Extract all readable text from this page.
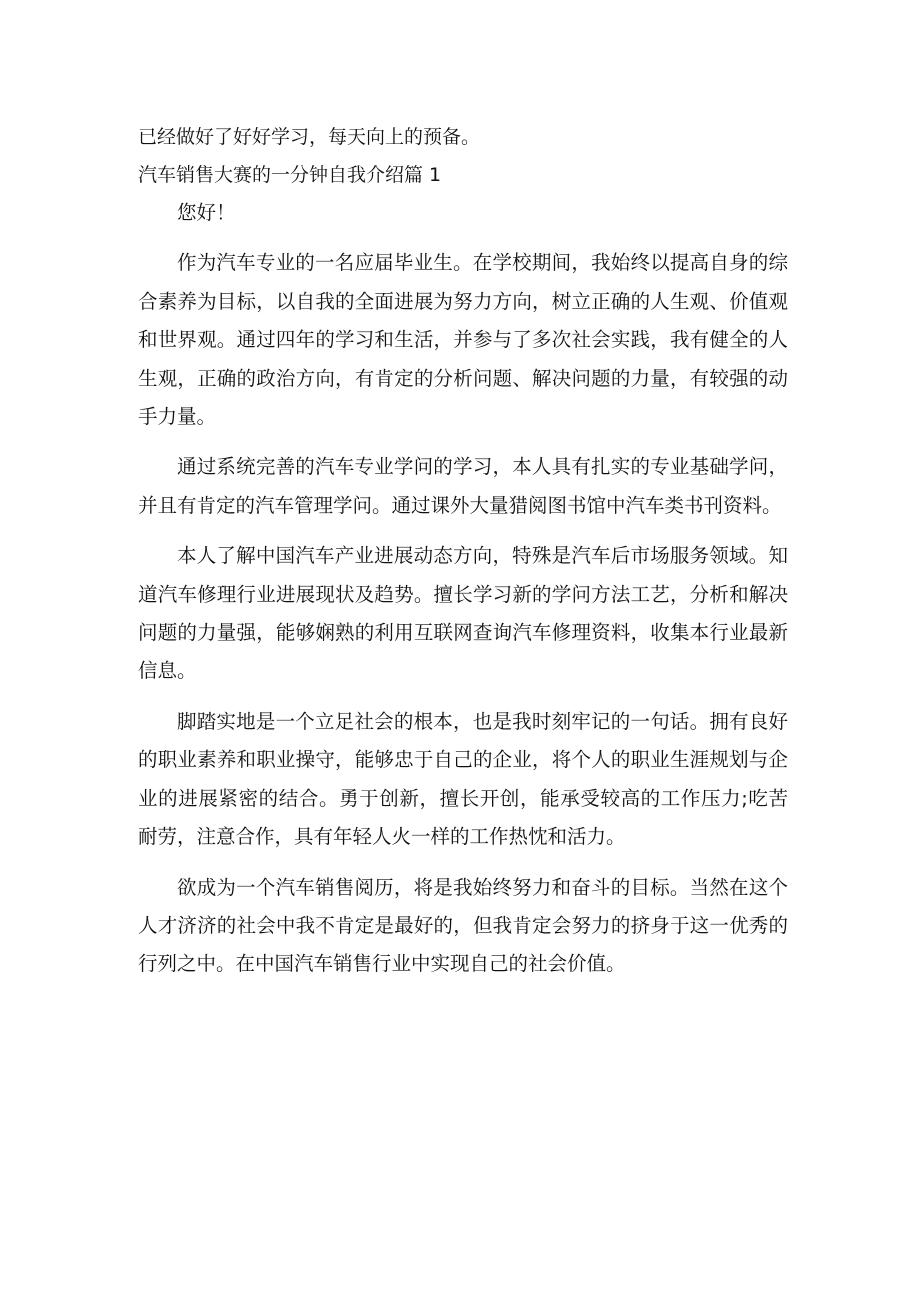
已经做好了好好学习，每天向上的预备。

汽车销售大赛的一分钟自我介绍篇 1

您好！

作为汽车专业的一名应届毕业生。在学校期间，我始终以提高自身的综合素养为目标，以自我的全面进展为努力方向，树立正确的人生观、价值观和世界观。通过四年的学习和生活，并参与了多次社会实践，我有健全的人生观，正确的政治方向，有肯定的分析问题、解决问题的力量，有较强的动手力量。

通过系统完善的汽车专业学问的学习，本人具有扎实的专业基础学问，并且有肯定的汽车管理学问。通过课外大量猎阅图书馆中汽车类书刊资料。

本人了解中国汽车产业进展动态方向，特殊是汽车后市场服务领域。知道汽车修理行业进展现状及趋势。擅长学习新的学问方法工艺，分析和解决问题的力量强，能够娴熟的利用互联网查询汽车修理资料，收集本行业最新信息。

脚踏实地是一个立足社会的根本，也是我时刻牢记的一句话。拥有良好的职业素养和职业操守，能够忠于自己的企业，将个人的职业生涯规划与企业的进展紧密的结合。勇于创新，擅长开创，能承受较高的工作压力;吃苦耐劳，注意合作，具有年轻人火一样的工作热忱和活力。

欲成为一个汽车销售阅历，将是我始终努力和奋斗的目标。当然在这个人才济济的社会中我不肯定是最好的，但我肯定会努力的挤身于这一优秀的行列之中。在中国汽车销售行业中实现自己的社会价值。
